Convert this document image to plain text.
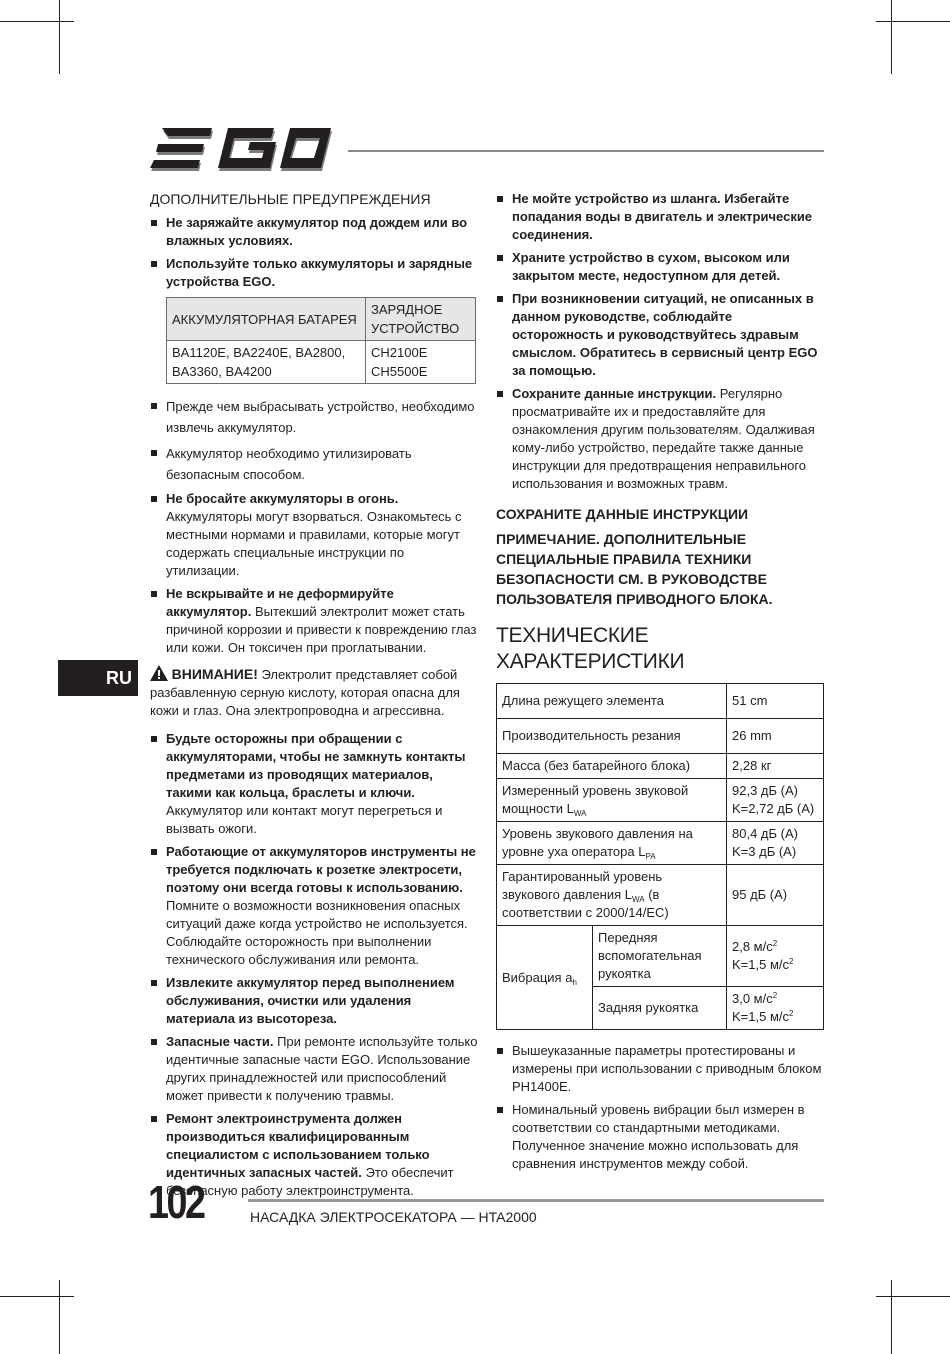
RU
ДОПОЛНИТЕЛЬНЫЕ ПРЕДУПРЕЖДЕНИЯ
Не заряжайте аккумулятор под дождем или во влажных условиях.
Используйте только аккумуляторы и зарядные устройства EGO.
АККУМУЛЯТОРНАЯ БАТАРЕЯ	ЗАРЯДНОЕ УСТРОЙСТВО
BA1120E, BA2240E, BA2800, BA3360, BA4200	CH2100E CH5500E
Прежде чем выбрасывать устройство, необходимо извлечь аккумулятор.
Аккумулятор необходимо утилизировать безопасным способом.
Не бросайте аккумуляторы в огонь. Аккумуляторы могут взорваться. Ознакомьтесь с местными нормами и правилами, которые могут содержать специальные инструкции по утилизации.
Не вскрывайте и не деформируйте аккумулятор. Вытекший электролит может стать причиной коррозии и привести к повреждению глаз или кожи. Он токсичен при проглатывании.
ВНИМАНИЕ! Электролит представляет собой разбавленную серную кислоту, которая опасна для кожи и глаз. Она электропроводна и агрессивна.
Будьте осторожны при обращении с аккумуляторами, чтобы не замкнуть контакты предметами из проводящих материалов, такими как кольца, браслеты и ключи. Аккумулятор или контакт могут перегреться и вызвать ожоги.
Работающие от аккумуляторов инструменты не требуется подключать к розетке электросети, поэтому они всегда готовы к использованию. Помните о возможности возникновения опасных ситуаций даже когда устройство не используется. Соблюдайте осторожность при выполнении технического обслуживания или ремонта.
Извлеките аккумулятор перед выполнением обслуживания, очистки или удаления материала из высотореза.
Запасные части. При ремонте используйте только идентичные запасные части EGO. Использование других принадлежностей или приспособлений может привести к получению травмы.
Ремонт электроинструмента должен производиться квалифицированным специалистом с использованием только идентичных запасных частей. Это обеспечит безопасную работу электроинструмента.
Не мойте устройство из шланга. Избегайте попадания воды в двигатель и электрические соединения.
Храните устройство в сухом, высоком или закрытом месте, недоступном для детей.
При возникновении ситуаций, не описанных в данном руководстве, соблюдайте осторожность и руководствуйтесь здравым смыслом. Обратитесь в сервисный центр EGO за помощью.
Сохраните данные инструкции. Регулярно просматривайте их и предоставляйте для ознакомления другим пользователям. Одалживая кому-либо устройство, передайте также данные инструкции для предотвращения неправильного использования и возможных травм.
СОХРАНИТЕ ДАННЫЕ ИНСТРУКЦИИ
ПРИМЕЧАНИЕ. ДОПОЛНИТЕЛЬНЫЕ СПЕЦИАЛЬНЫЕ ПРАВИЛА ТЕХНИКИ БЕЗОПАСНОСТИ СМ. В РУКОВОДСТВЕ ПОЛЬЗОВАТЕЛЯ ПРИВОДНОГО БЛОКА.
ТЕХНИЧЕСКИЕ ХАРАКТЕРИСТИКИ
Длина режущего элемента		51 cm
Производительность резания		26 mm
Масса (без батарейного блока)		2,28 кг
Измеренный уровень звуковой мощности $L_{WA}$		92,3 дБ (A)
K=2,72 дБ (A)

Уровень звукового давления на уровне уха оператора $L_{PA}$		80,4 дБ (A)
K=3 дБ (A)

Гарантированный уровень звукового давления $L_{WA}$ (в соответствии с 2000/14/EC)		95 дБ (A)
Вибрация $a_h$	Передняя вспомогательная рукоятка	2,8 $м/с^2$
K=1,5 $м/с^2$

	Задняя рукоятка	3,0 $м/с^2$
K=1,5 $м/с^2$
Вышеуказанные параметры протестированы и измерены при использовании с приводным блоком PH1400E.
Номинальный уровень вибрации был измерен в соответствии со стандартными методиками. Полученное значение можно использовать для сравнения инструментов между собой.
102	НАСАДКА ЭЛЕКТРОСЕКАТОРА — HTA2000
